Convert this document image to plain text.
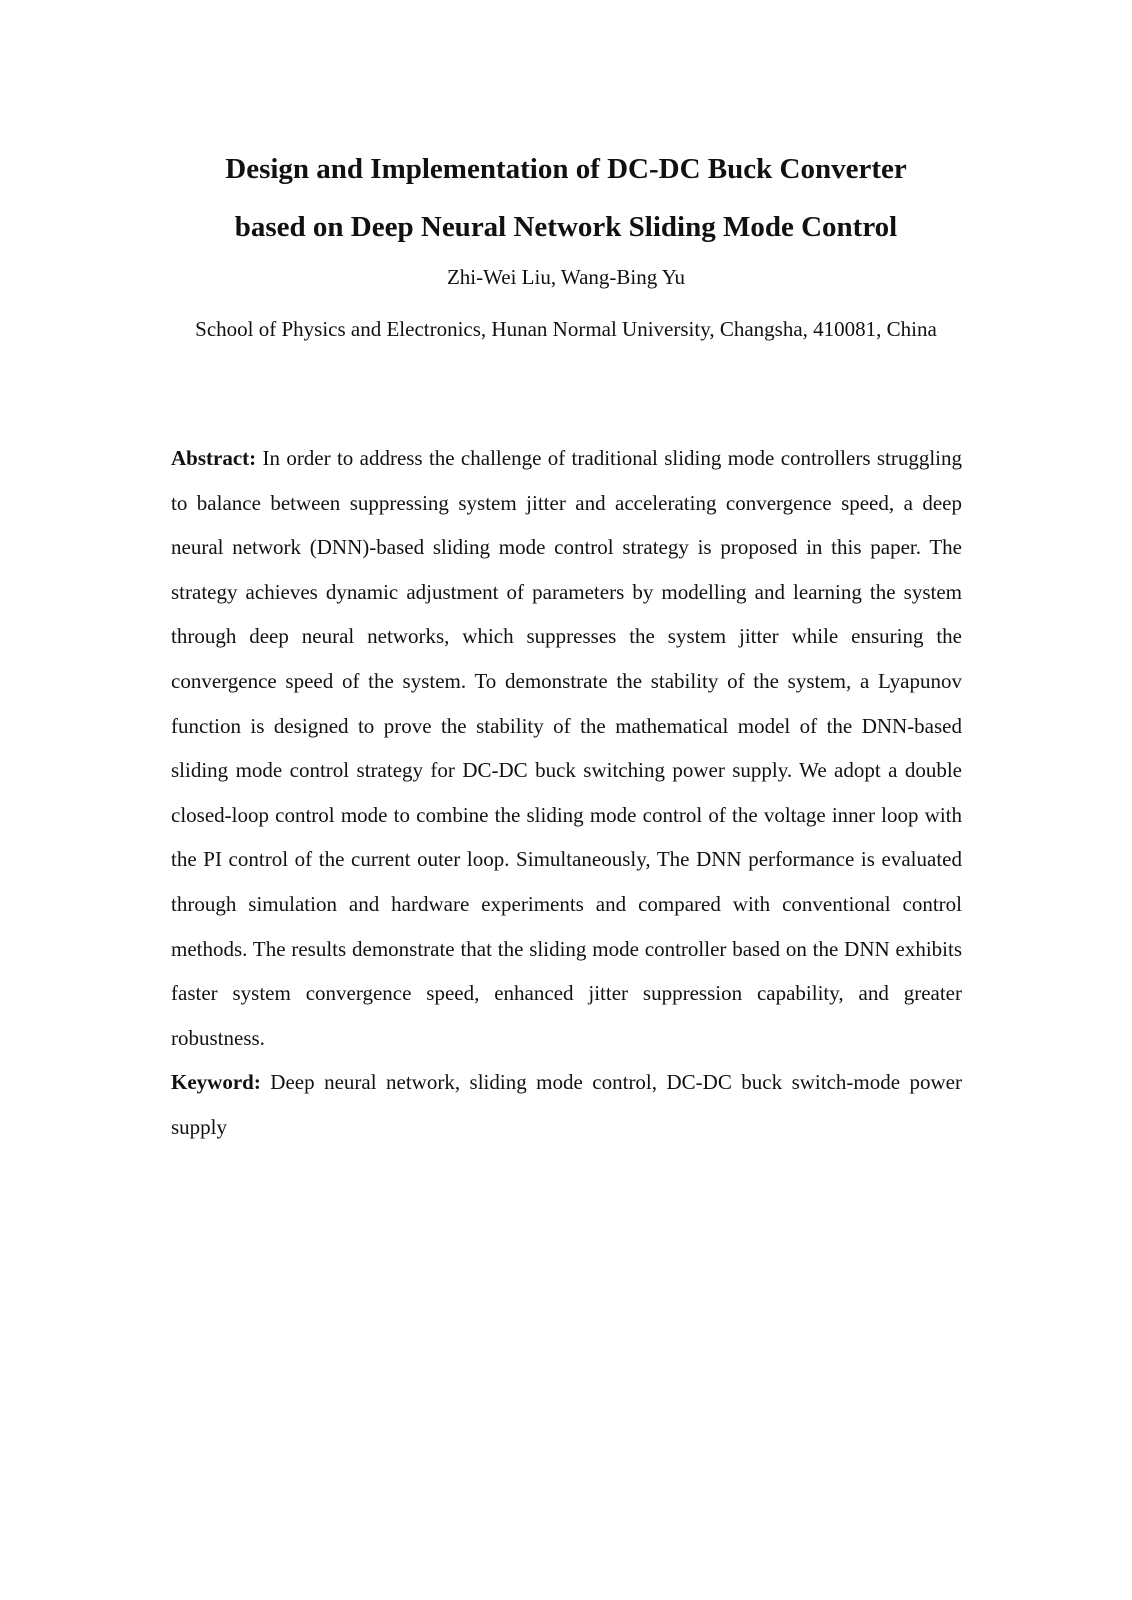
Design and Implementation of DC-DC Buck Converter
based on Deep Neural Network Sliding Mode Control

Zhi-Wei Liu, Wang-Bing Yu

School of Physics and Electronics, Hunan Normal University, Changsha, 410081, China

Abstract: In order to address the challenge of traditional sliding mode controllers struggling to balance between suppressing system jitter and accelerating convergence speed, a deep neural network (DNN)-based sliding mode control strategy is proposed in this paper. The strategy achieves dynamic adjustment of parameters by modelling and learning the system through deep neural networks, which suppresses the system jitter while ensuring the convergence speed of the system. To demonstrate the stability of the system, a Lyapunov function is designed to prove the stability of the mathematical model of the DNN-based sliding mode control strategy for DC-DC buck switching power supply. We adopt a double closed-loop control mode to combine the sliding mode control of the voltage inner loop with the PI control of the current outer loop. Simultaneously, The DNN performance is evaluated through simulation and hardware experiments and compared with conventional control methods. The results demonstrate that the sliding mode controller based on the DNN exhibits faster system convergence speed, enhanced jitter suppression capability, and greater robustness.

Keyword: Deep neural network, sliding mode control, DC-DC buck switch-mode power supply
